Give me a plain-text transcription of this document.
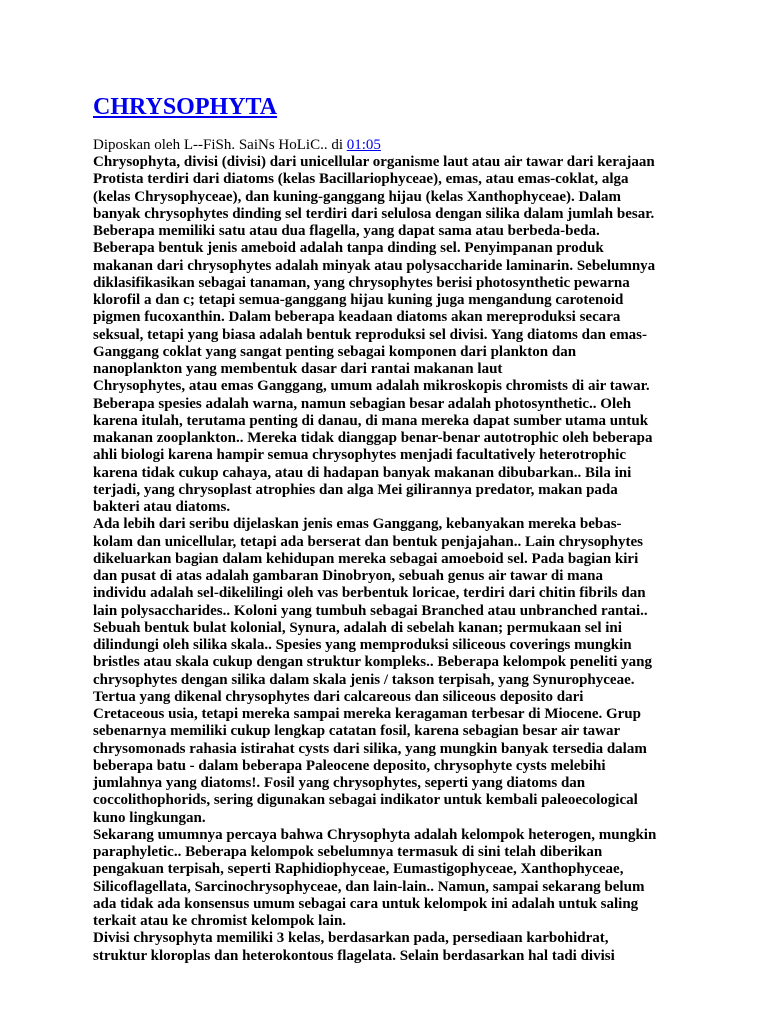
CHRYSOPHYTA
Diposkan oleh L--FiSh. SaiNs HoLiC.. di 01:05
Chrysophyta, divisi (divisi) dari unicellular organisme laut atau air tawar dari kerajaan
Protista terdiri dari diatoms (kelas Bacillariophyceae), emas, atau emas-coklat, alga
(kelas Chrysophyceae), dan kuning-ganggang hijau (kelas Xanthophyceae). Dalam
banyak chrysophytes dinding sel terdiri dari selulosa dengan silika dalam jumlah besar.
Beberapa memiliki satu atau dua flagella, yang dapat sama atau berbeda-beda.
Beberapa bentuk jenis ameboid adalah tanpa dinding sel. Penyimpanan produk
makanan dari chrysophytes adalah minyak atau polysaccharide laminarin. Sebelumnya
diklasifikasikan sebagai tanaman, yang chrysophytes berisi photosynthetic pewarna
klorofil a dan c; tetapi semua-ganggang hijau kuning juga mengandung carotenoid
pigmen fucoxanthin. Dalam beberapa keadaan diatoms akan mereproduksi secara
seksual, tetapi yang biasa adalah bentuk reproduksi sel divisi. Yang diatoms dan emas-
Ganggang coklat yang sangat penting sebagai komponen dari plankton dan
nanoplankton yang membentuk dasar dari rantai makanan laut
Chrysophytes, atau emas Ganggang, umum adalah mikroskopis chromists di air tawar.
Beberapa spesies adalah warna, namun sebagian besar adalah photosynthetic.. Oleh
karena itulah, terutama penting di danau, di mana mereka dapat sumber utama untuk
makanan zooplankton.. Mereka tidak dianggap benar-benar autotrophic oleh beberapa
ahli biologi karena hampir semua chrysophytes menjadi facultatively heterotrophic
karena tidak cukup cahaya, atau di hadapan banyak makanan dibubarkan.. Bila ini
terjadi, yang chrysoplast atrophies dan alga Mei gilirannya predator, makan pada
bakteri atau diatoms.
Ada lebih dari seribu dijelaskan jenis emas Ganggang, kebanyakan mereka bebas-
kolam dan unicellular, tetapi ada berserat dan bentuk penjajahan.. Lain chrysophytes
dikeluarkan bagian dalam kehidupan mereka sebagai amoeboid sel. Pada bagian kiri
dan pusat di atas adalah gambaran Dinobryon, sebuah genus air tawar di mana
individu adalah sel-dikelilingi oleh vas berbentuk loricae, terdiri dari chitin fibrils dan
lain polysaccharides.. Koloni yang tumbuh sebagai Branched atau unbranched rantai..
Sebuah bentuk bulat kolonial, Synura, adalah di sebelah kanan; permukaan sel ini
dilindungi oleh silika skala.. Spesies yang memproduksi siliceous coverings mungkin
bristles atau skala cukup dengan struktur kompleks.. Beberapa kelompok peneliti yang
chrysophytes dengan silika dalam skala jenis / takson terpisah, yang Synurophyceae.
Tertua yang dikenal chrysophytes dari calcareous dan siliceous deposito dari
Cretaceous usia, tetapi mereka sampai mereka keragaman terbesar di Miocene. Grup
sebenarnya memiliki cukup lengkap catatan fosil, karena sebagian besar air tawar
chrysomonads rahasia istirahat cysts dari silika, yang mungkin banyak tersedia dalam
beberapa batu - dalam beberapa Paleocene deposito, chrysophyte cysts melebihi
jumlahnya yang diatoms!. Fosil yang chrysophytes, seperti yang diatoms dan
coccolithophorids, sering digunakan sebagai indikator untuk kembali paleoecological
kuno lingkungan.
Sekarang umumnya percaya bahwa Chrysophyta adalah kelompok heterogen, mungkin
paraphyletic.. Beberapa kelompok sebelumnya termasuk di sini telah diberikan
pengakuan terpisah, seperti Raphidiophyceae, Eumastigophyceae, Xanthophyceae,
Silicoflagellata, Sarcinochrysophyceae, dan lain-lain.. Namun, sampai sekarang belum
ada tidak ada konsensus umum sebagai cara untuk kelompok ini adalah untuk saling
terkait atau ke chromist kelompok lain.
Divisi chrysophyta memiliki 3 kelas, berdasarkan pada, persediaan karbohidrat,
struktur kloroplas dan heterokontous flagelata. Selain berdasarkan hal tadi divisi
